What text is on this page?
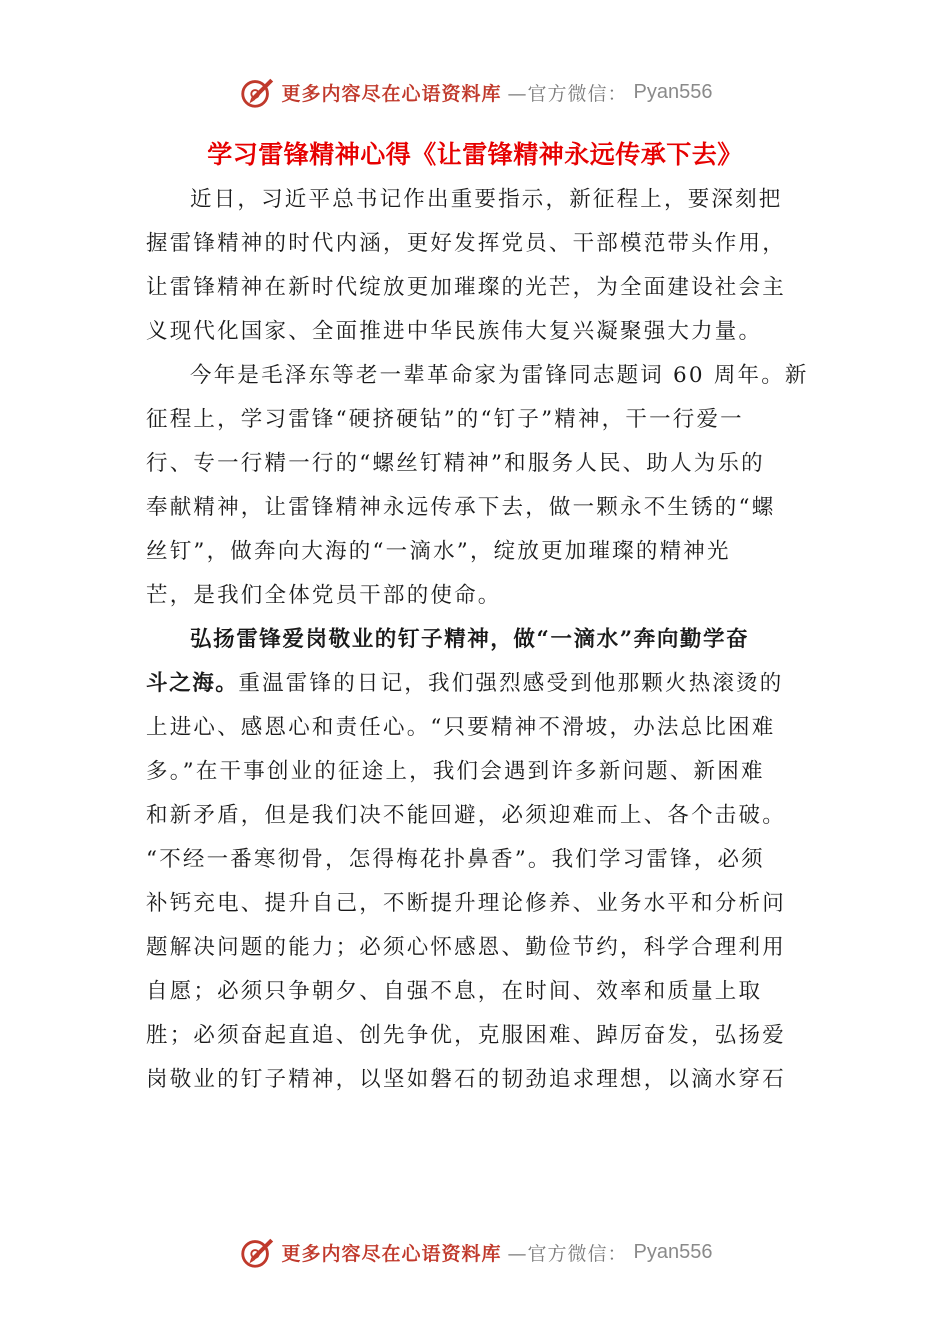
更多内容尽在心语资料库 —官方微信： Pyan556
学习雷锋精神心得《让雷锋精神永远传承下去》
近日，习近平总书记作出重要指示，新征程上，要深刻把
握雷锋精神的时代内涵，更好发挥党员、干部模范带头作用，
让雷锋精神在新时代绽放更加璀璨的光芒，为全面建设社会主
义现代化国家、全面推进中华民族伟大复兴凝聚强大力量。
今年是毛泽东等老一辈革命家为雷锋同志题词 60 周年。新
征程上，学习雷锋“硬挤硬钻”的“钉子”精神，干一行爱一
行、专一行精一行的“螺丝钉精神”和服务人民、助人为乐的
奉献精神，让雷锋精神永远传承下去，做一颗永不生锈的“螺
丝钉”，做奔向大海的“一滴水”，绽放更加璀璨的精神光
芒，是我们全体党员干部的使命。
弘扬雷锋爱岗敬业的钉子精神，做“一滴水”奔向勤学奋
斗之海。重温雷锋的日记，我们强烈感受到他那颗火热滚烫的
上进心、感恩心和责任心。“只要精神不滑坡，办法总比困难
多。”在干事创业的征途上，我们会遇到许多新问题、新困难
和新矛盾，但是我们决不能回避，必须迎难而上、各个击破。
“不经一番寒彻骨，怎得梅花扑鼻香”。我们学习雷锋，必须
补钙充电、提升自己，不断提升理论修养、业务水平和分析问
题解决问题的能力；必须心怀感恩、勤俭节约，科学合理利用
自愿；必须只争朝夕、自强不息，在时间、效率和质量上取
胜；必须奋起直追、创先争优，克服困难、踔厉奋发，弘扬爱
岗敬业的钉子精神，以坚如磐石的韧劲追求理想，以滴水穿石
更多内容尽在心语资料库 —官方微信： Pyan556
